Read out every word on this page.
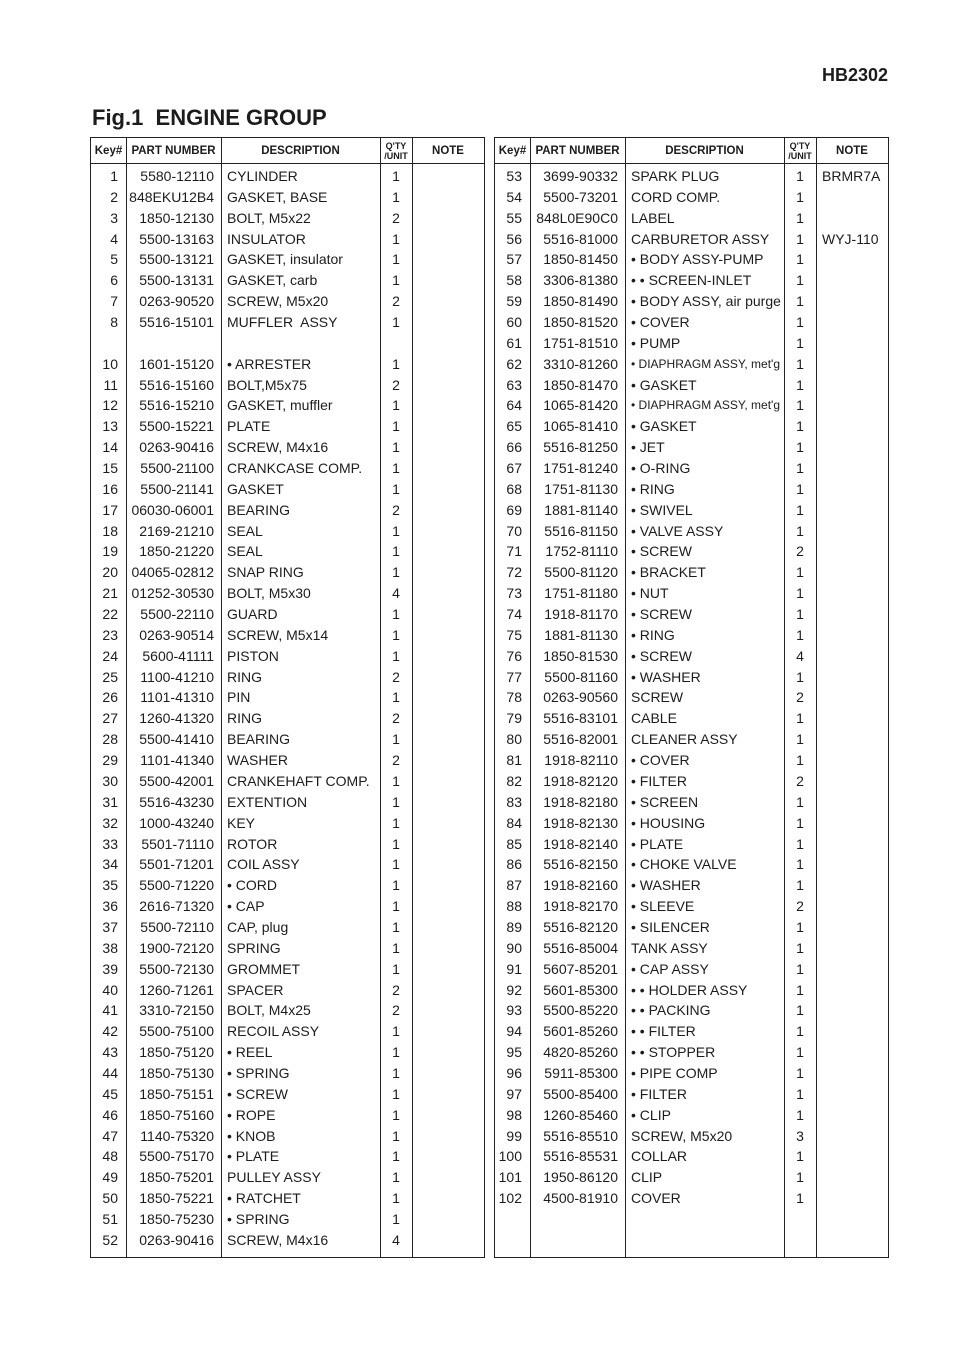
HB2302
Fig.1  ENGINE GROUP
Key# PART NUMBER	DESCRIPTION	Q'TY
/UNIT	NOTE
1	5580-12110 CYLINDER	1
2 848EKU12B4 GASKET, BASE	1
3	1850-12130 BOLT, M5x22	2
4	5500-13163 INSULATOR	1
5	5500-13121 GASKET, insulator	1
6	5500-13131 GASKET, carb	1
7	0263-90520 SCREW, M5x20	2
8	5516-15101 MUFFLER  ASSY	1
10	1601-15120 • ARRESTER	1
11	5516-15160 BOLT,M5x75	2
12	5516-15210 GASKET, muffler	1
13	5500-15221 PLATE	1
14	0263-90416 SCREW, M4x16	1
15	5500-21100 CRANKCASE COMP.	1
16	5500-21141 GASKET	1
17 06030-06001 BEARING	2
18	2169-21210 SEAL	1
19	1850-21220 SEAL	1
20 04065-02812 SNAP RING	1
21 01252-30530 BOLT, M5x30	4
22	5500-22110 GUARD	1
23	0263-90514 SCREW, M5x14	1
24	5600-41111 PISTON	1
25	1100-41210 RING	2
26	1101-41310 PIN	1
27	1260-41320 RING	2
28	5500-41410 BEARING	1
29	1101-41340 WASHER	2
30	5500-42001 CRANKEHAFT COMP.	1
31	5516-43230 EXTENTION	1
32	1000-43240 KEY	1
33	5501-71110 ROTOR	1
34	5501-71201 COIL ASSY	1
35	5500-71220 • CORD	1
36	2616-71320 • CAP	1
37	5500-72110 CAP, plug	1
38	1900-72120 SPRING	1
39	5500-72130 GROMMET	1
40	1260-71261 SPACER	2
41	3310-72150 BOLT, M4x25	2
42	5500-75100 RECOIL ASSY	1
43	1850-75120 • REEL	1
44	1850-75130 • SPRING	1
45	1850-75151 • SCREW	1
46	1850-75160 • ROPE	1
47	1140-75320 • KNOB	1
48	5500-75170 • PLATE	1
49	1850-75201 PULLEY ASSY	1
50	1850-75221 • RATCHET	1
51	1850-75230 • SPRING	1
52	0263-90416 SCREW, M4x16	4
Key# PART NUMBER	DESCRIPTION	Q'TY
/UNIT	NOTE
53	3699-90332 SPARK PLUG	1	BRMR7A
54	5500-73201 CORD COMP.	1
55	848L0E90C0 LABEL	1
56	5516-81000 CARBURETOR ASSY	1	WYJ-110
57	1850-81450 • BODY ASSY-PUMP	1
58	3306-81380 • • SCREEN-INLET	1
59	1850-81490 • BODY ASSY, air purge	1
60	1850-81520 • COVER	1
61	1751-81510 • PUMP	1
62	3310-81260	• DIAPHRAGM ASSY, met'g	1
63	1850-81470 • GASKET	1
64	1065-81420	• DIAPHRAGM ASSY, met'g	1
65	1065-81410 • GASKET	1
66	5516-81250 • JET	1
67	1751-81240 • O-RING	1
68	1751-81130 • RING	1
69	1881-81140 • SWIVEL	1
70	5516-81150 • VALVE ASSY	1
71	1752-81110 • SCREW	2
72	5500-81120 • BRACKET	1
73	1751-81180 • NUT	1
74	1918-81170 • SCREW	1
75	1881-81130 • RING	1
76	1850-81530 • SCREW	4
77	5500-81160 • WASHER	1
78	0263-90560 SCREW	2
79	5516-83101 CABLE	1
80	5516-82001 CLEANER ASSY	1
81	1918-82110 • COVER	1
82	1918-82120 • FILTER	2
83	1918-82180 • SCREEN	1
84	1918-82130 • HOUSING	1
85	1918-82140 • PLATE	1
86	5516-82150 • CHOKE VALVE	1
87	1918-82160 • WASHER	1
88	1918-82170 • SLEEVE	2
89	5516-82120 • SILENCER	1
90	5516-85004 TANK ASSY	1
91	5607-85201 • CAP ASSY	1
92	5601-85300 • • HOLDER ASSY	1
93	5500-85220 • • PACKING	1
94	5601-85260 • • FILTER	1
95	4820-85260 • • STOPPER	1
96	5911-85300 • PIPE COMP	1
97	5500-85400 • FILTER	1
98	1260-85460 • CLIP	1
99	5516-85510 SCREW, M5x20	3
100	5516-85531 COLLAR	1
101	1950-86120 CLIP	1
102	4500-81910 COVER	1
